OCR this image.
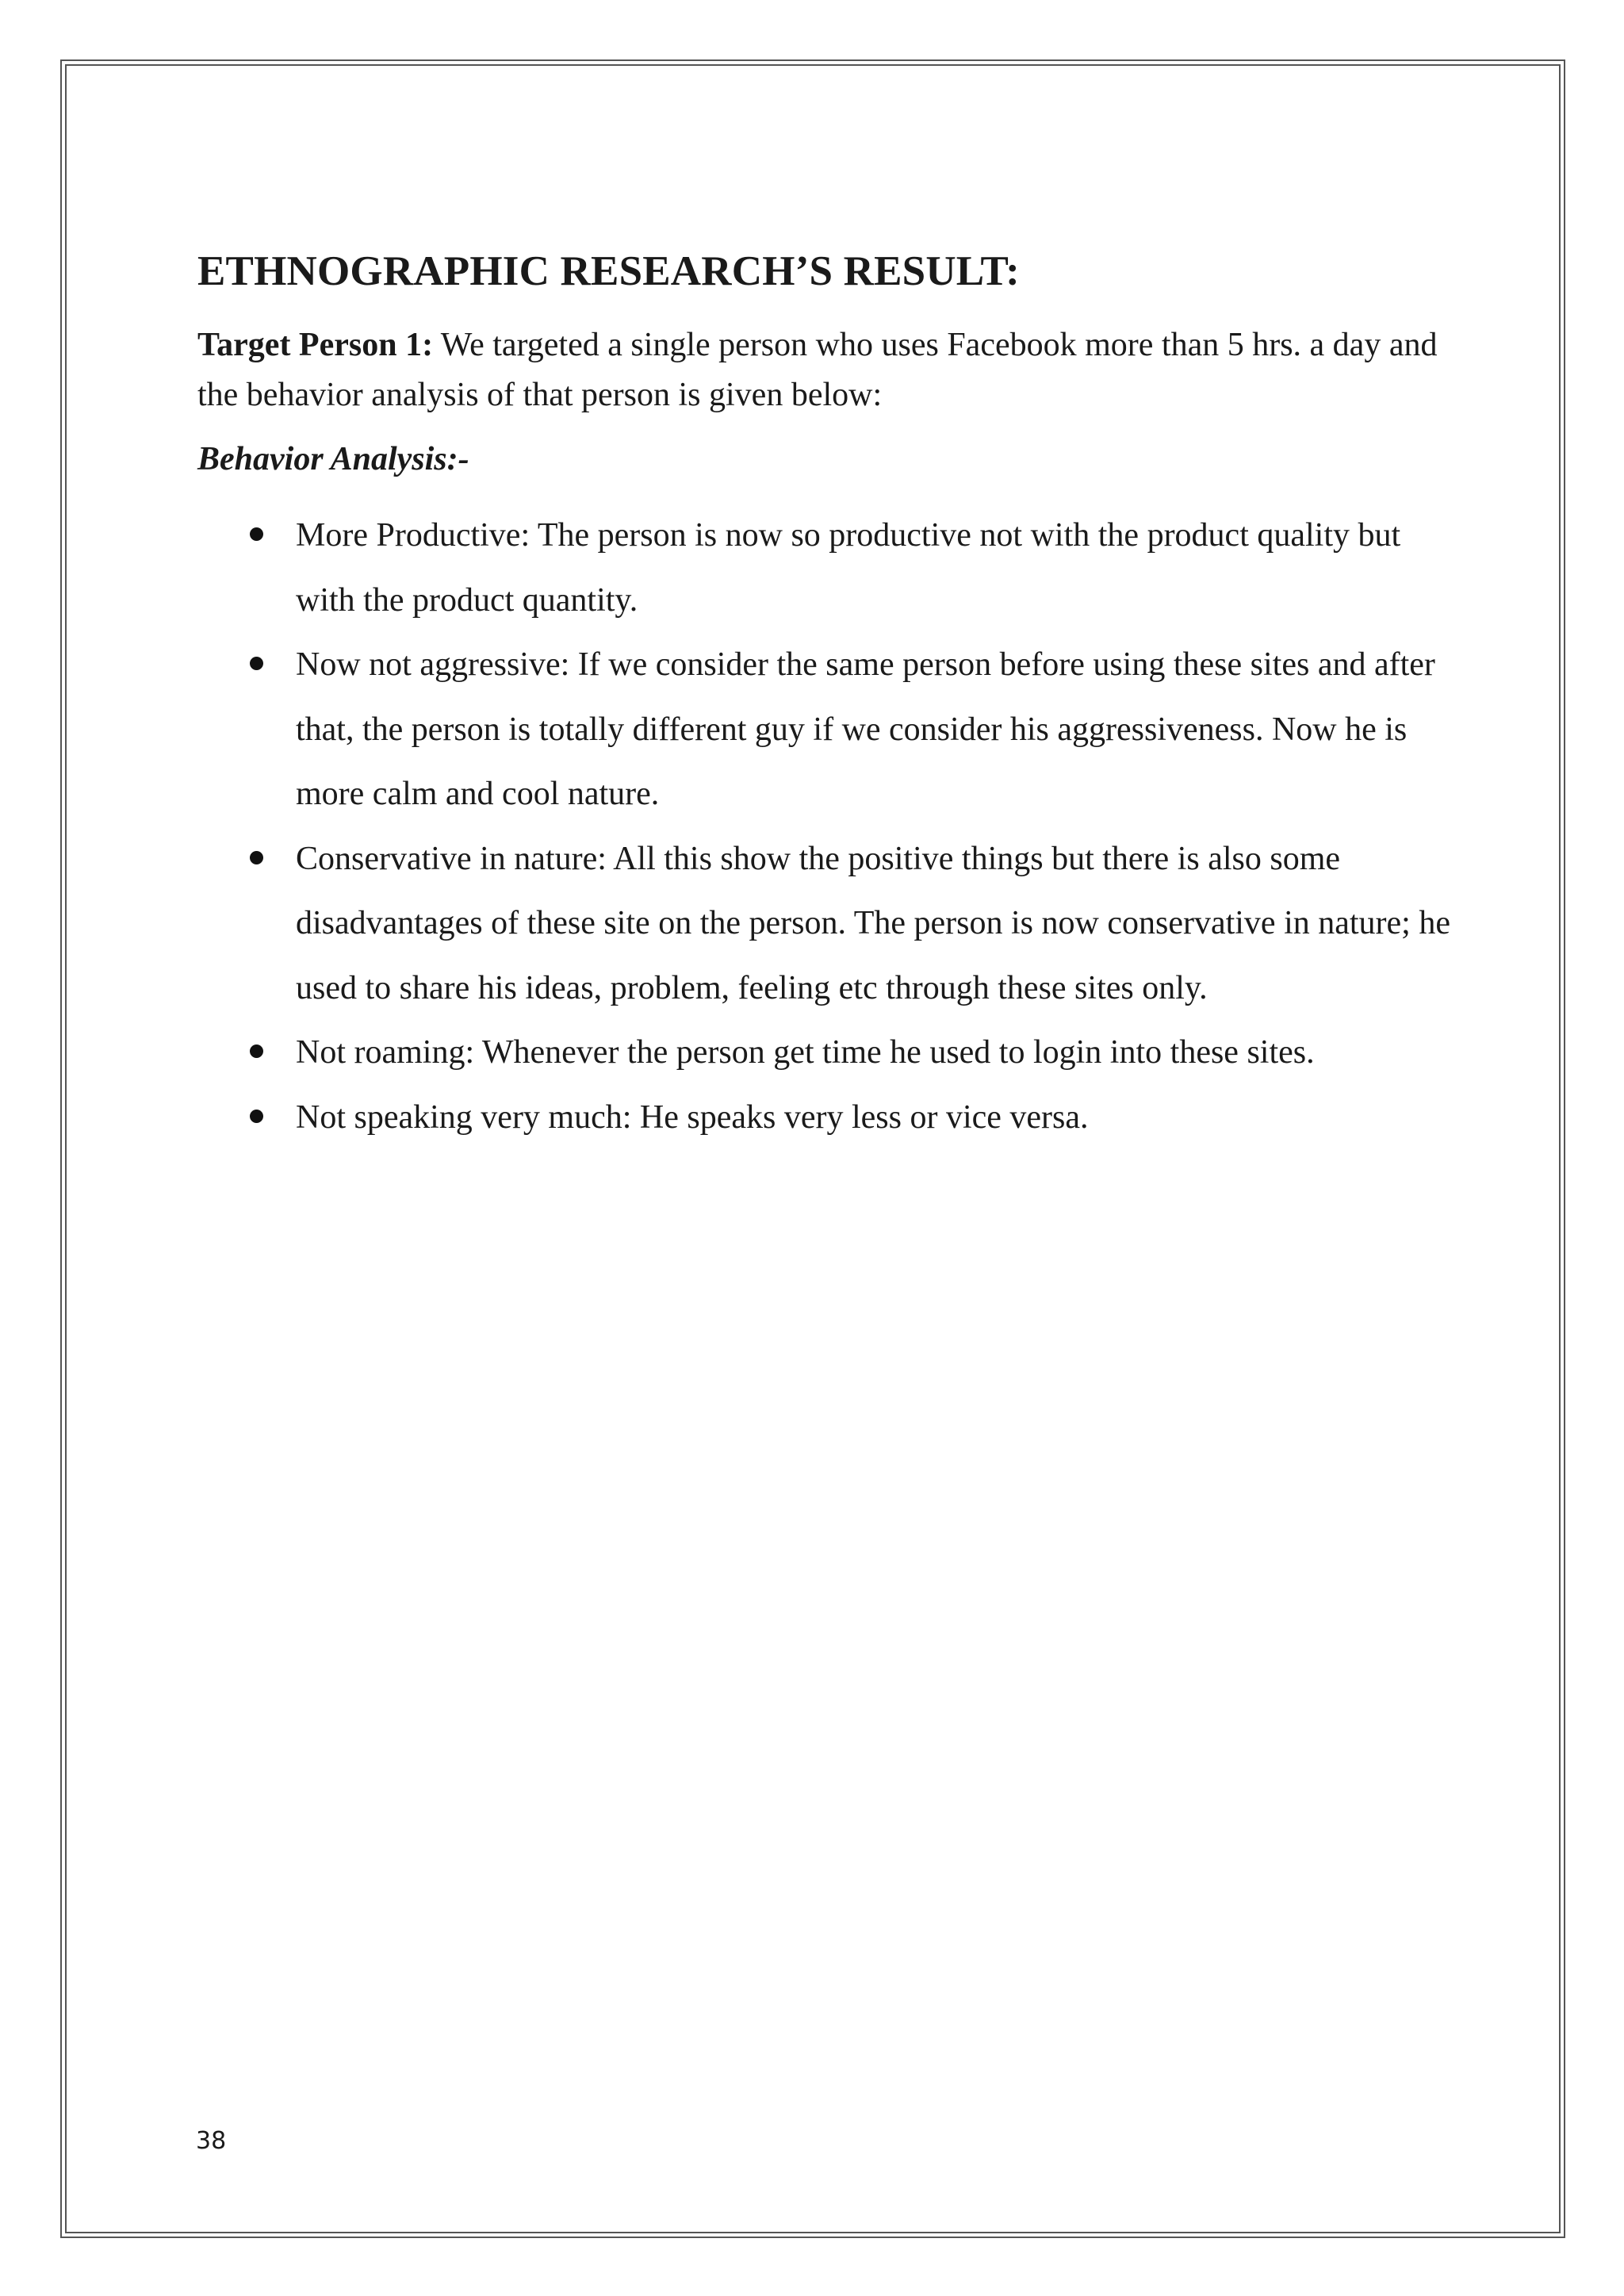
ETHNOGRAPHIC RESEARCH’S RESULT:

Target Person 1: We targeted a single person who uses Facebook more than 5 hrs. a day and the behavior analysis of that person is given below:

Behavior Analysis:-

More Productive: The person is now so productive not with the product quality but with the product quantity.
Now not aggressive: If we consider the same person before using these sites and after that, the person is totally different guy if we consider his aggressiveness. Now he is more calm and cool nature.
Conservative in nature: All this show the positive things but there is also some disadvantages of these site on the person. The person is now conservative in nature; he used to share his ideas, problem, feeling etc through these sites only.
Not roaming: Whenever the person get time he used to login into these sites.
Not speaking very much: He speaks very less or vice versa.
38
